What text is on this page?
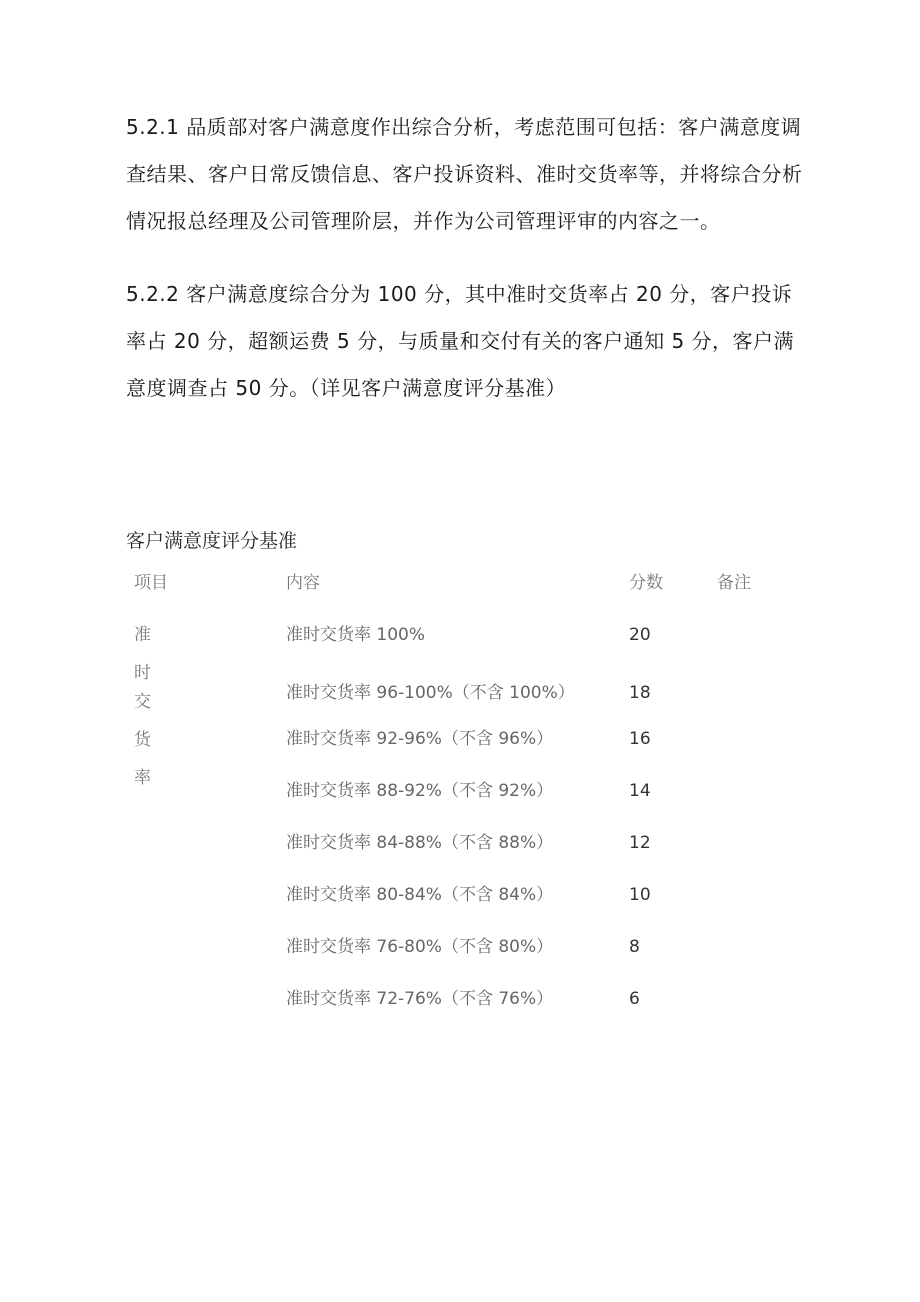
5.2.1 品质部对客户满意度作出综合分析，考虑范围可包括：客户满意度调查结果、客户日常反馈信息、客户投诉资料、准时交货率等，并将综合分析情况报总经理及公司管理阶层，并作为公司管理评审的内容之一。
5.2.2 客户满意度综合分为 100 分，其中准时交货率占 20 分，客户投诉率占 20 分，超额运费 5 分，与质量和交付有关的客户通知 5 分，客户满意度调查占 50 分。（详见客户满意度评分基准）
客户满意度评分基准
项目	内容	分数	备注
准
时
交
货
率
准时交货率 100%	20
准时交货率 96-100%（不含 100%）	18
准时交货率 92-96%（不含 96%）	16
准时交货率 88-92%（不含 92%）	14
准时交货率 84-88%（不含 88%）	12
准时交货率 80-84%（不含 84%）	10
准时交货率 76-80%（不含 80%）	8
准时交货率 72-76%（不含 76%）	6
